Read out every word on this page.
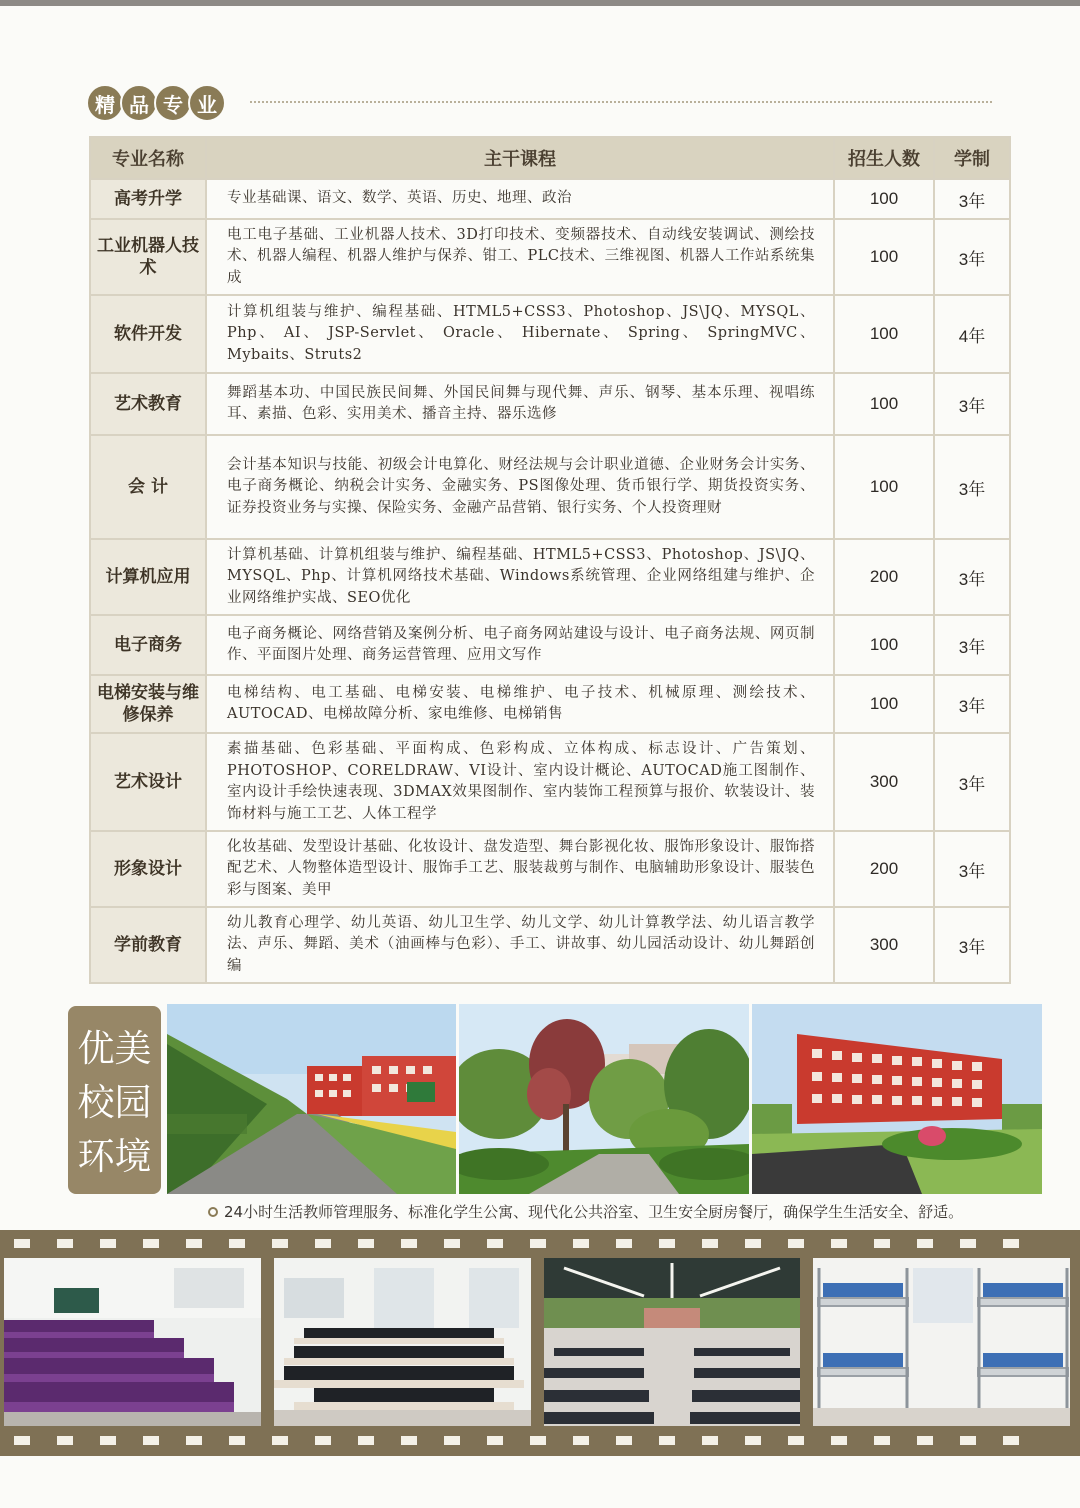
精 品 专 业
专业名称	主干课程	招生人数	学制
高考升学	专业基础课、语文、数学、英语、历史、地理、政治	100	3年
工业机器人技术	电工电子基础、工业机器人技术、3D打印技术、变频器技术、自动线安装调试、测绘技术、机器人编程、机器人维护与保养、钳工、PLC技术、三维视图、机器人工作站系统集成	100	3年
软件开发	计算机组装与维护、编程基础、HTML5+CSS3、Photoshop、JS\JQ、MYSQL、Php、 AI、 JSP-Servlet、 Oracle、 Hibernate、 Spring、 SpringMVC、Mybaits、Struts2	100	4年
艺术教育	舞蹈基本功、中国民族民间舞、外国民间舞与现代舞、声乐、钢琴、基本乐理、视唱练耳、素描、色彩、实用美术、播音主持、器乐选修	100	3年
会 计	会计基本知识与技能、初级会计电算化、财经法规与会计职业道德、企业财务会计实务、电子商务概论、纳税会计实务、金融实务、PS图像处理、货币银行学、期货投资实务、证券投资业务与实操、保险实务、金融产品营销、银行实务、个人投资理财	100	3年
计算机应用	计算机基础、计算机组装与维护、编程基础、HTML5+CSS3、Photoshop、JS\JQ、MYSQL、Php、计算机网络技术基础、Windows系统管理、企业网络组建与维护、企业网络维护实战、SEO优化	200	3年
电子商务	电子商务概论、网络营销及案例分析、电子商务网站建设与设计、电子商务法规、网页制作、平面图片处理、商务运营管理、应用文写作	100	3年
电梯安装与维修保养	电梯结构、电工基础、电梯安装、电梯维护、电子技术、机械原理、测绘技术、AUTOCAD、电梯故障分析、家电维修、电梯销售	100	3年
艺术设计	素描基础、色彩基础、平面构成、色彩构成、立体构成、标志设计、广告策划、PHOTOSHOP、CORELDRAW、VI设计、室内设计概论、AUTOCAD施工图制作、室内设计手绘快速表现、3DMAX效果图制作、室内装饰工程预算与报价、软装设计、装饰材料与施工工艺、人体工程学	300	3年
形象设计	化妆基础、发型设计基础、化妆设计、盘发造型、舞台影视化妆、服饰形象设计、服饰搭配艺术、人物整体造型设计、服饰手工艺、服装裁剪与制作、电脑辅助形象设计、服装色彩与图案、美甲	200	3年
学前教育	幼儿教育心理学、幼儿英语、幼儿卫生学、幼儿文学、幼儿计算教学法、幼儿语言教学法、声乐、舞蹈、美术（油画棒与色彩）、手工、讲故事、幼儿园活动设计、幼儿舞蹈创编	300	3年
优美
校园
环境
24小时生活教师管理服务、标准化学生公寓、现代化公共浴室、卫生安全厨房餐厅，确保学生生活安全、舒适。
